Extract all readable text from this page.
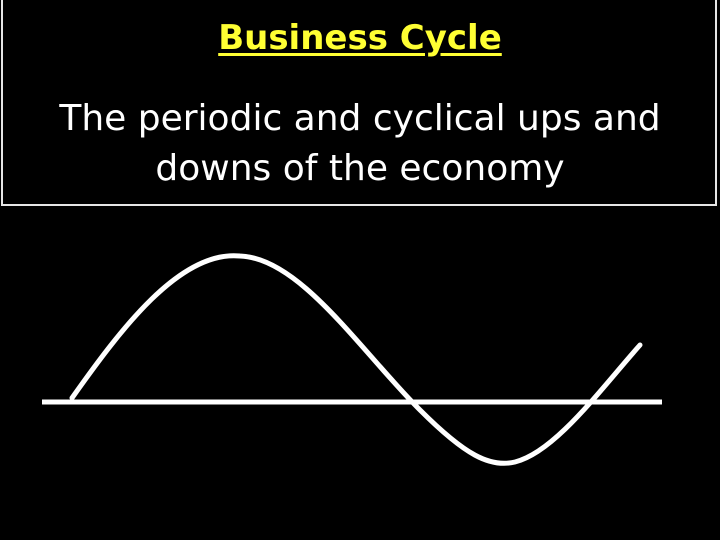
Business Cycle
The periodic and cyclical ups and
downs of the economy
